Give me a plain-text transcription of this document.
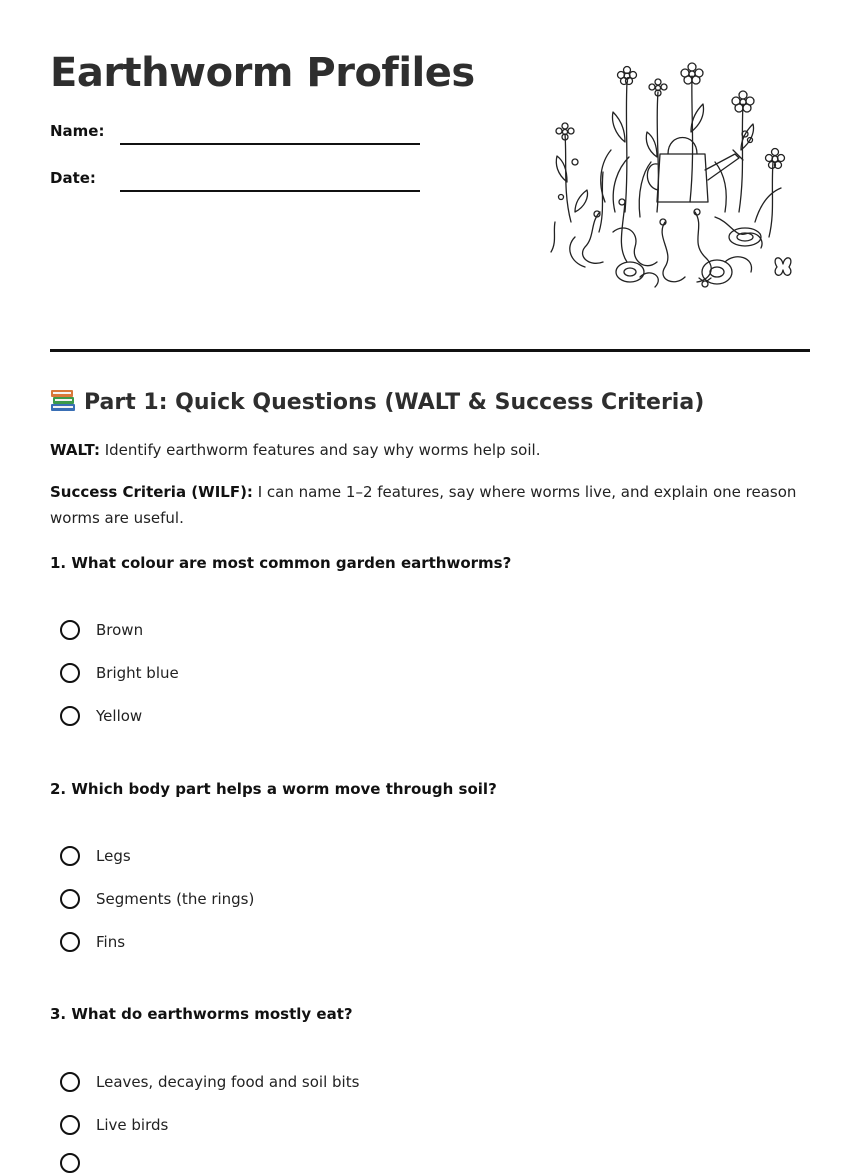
Earthworm Profiles
Name:
Date:
Part 1: Quick Questions (WALT & Success Criteria)

WALT: Identify earthworm features and say why worms help soil.

Success Criteria (WILF): I can name 1–2 features, say where worms live, and explain one reason worms are useful.

1. What colour are most common garden earthworms?

Brown
Bright blue
Yellow

2. Which body part helps a worm move through soil?

Legs
Segments (the rings)
Fins

3. What do earthworms mostly eat?

Leaves, decaying food and soil bits
Live birds
